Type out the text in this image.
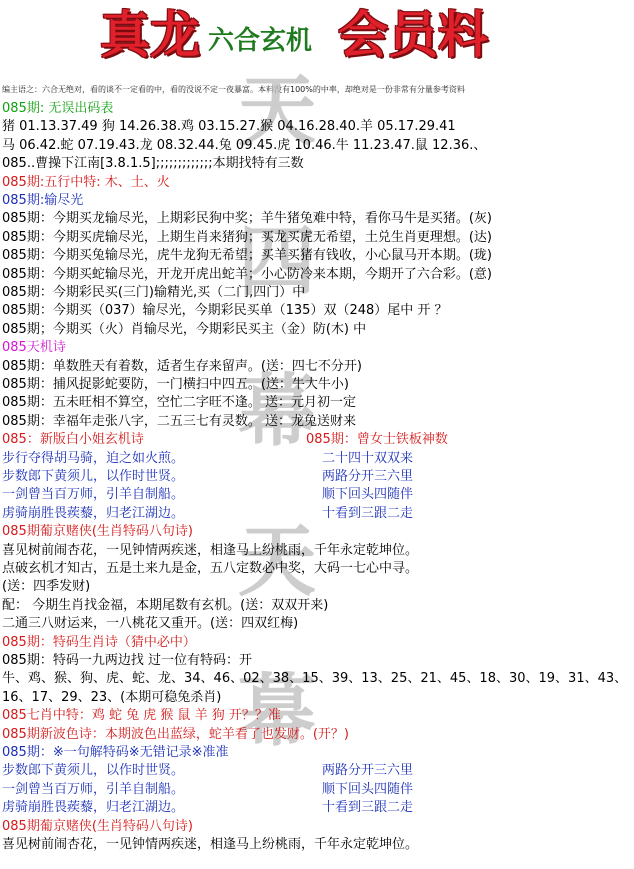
真龙 六合玄机 会员料
编主语之：六合无绝对，看的谈不一定看的中，看的没说不定一夜暴富。本料没有100%的中率，却绝对是一份非常有分量参考资料
天
四
幕
天
幕
085期: 无误出码表
猪 01.13.37.49 狗 14.26.38.鸡 03.15.27.猴 04.16.28.40.羊 05.17.29.41
马 06.42.蛇 07.19.43.龙 08.32.44.兔 09.45.虎 10.46.牛 11.23.47.鼠 12.36.、
085..曹操下江南[3.8.1.5];;;;;;;;;;;;;本期找特有三数
085期:五行中特: 木、土、火
085期:输尽光
085期：今期买龙输尽光，上期彩民狗中奖；羊牛猪兔难中特，看你马牛是买猪。(灰)
085期：今期买虎输尽光，上期生肖来猪狗；买龙买虎无希望，土兑生肖更理想。(达)
085期：今期买兔输尽光，虎牛龙狗无希望；买羊买猪有钱收，小心鼠马开本期。(珑)
085期：今期买蛇输尽光，开龙开虎出蛇羊；小心防冷来本期，今期开了六合彩。(意)
085期：今期彩民买(三门)输精光,买（二门,四门）中
085期：今期买（037）输尽光，今期彩民买单（135）双（248）尾中 开 ？
085期；今期买（火）肖输尽光，今期彩民买主（金）防(木) 中
085天机诗
085期：单数胜天有着数，适者生存来留声。(送：四七不分开)
085期：捕风捉影蛇要防，一门横扫中四五。(送：牛大牛小)
085期：五未旺相不算空，空忙二字旺不逢。 送：元月初一定
085期：幸福年走张八字，二五三七有灵数。 送：龙兔送财来
085：新版白小姐玄机诗	085期：曾女士铁板神数
步行夺得胡马骑，迫之如火煎。	二十四十双双来
步数郎下黄须儿，以作时世贤。	两路分开三六里
一剑曾当百万师，引羊自制船。	顺下回头四随伴
虏骑崩胜畏蒺藜，归老江湖边。	十看到三跟二走
085期葡京赌侠(生肖特码八句诗)
喜见树前闹杏花，一见钟情两疾迷，相逢马上纷桃雨，千年永定乾坤位。
点破玄机才知古，五是土来九是金，五八定数必中奖，大码一七心中寻。
(送：四季发财)
配： 今期生肖找金福，本期尾数有玄机。(送：双双开来)
二通三八财运来，一八桃花又重开。(送：四双红梅)
085期：特码生肖诗（猜中必中）
085期：特码一九两边找 过一位有特码：开
牛、鸡、猴、狗、虎、蛇、龙、34、46、02、38、15、39、13、25、21、45、18、30、19、31、43、
16、17、29、23、(本期可稳兔杀肖)
085七肖中特：鸡 蛇 兔 虎 猴 鼠 羊 狗 开？？准
085期新波色诗：本期波色出蓝绿，蛇羊看了也发财。(开？)
085期：※一句解特码※无错记录※准准
步数郎下黄须儿，以作时世贤。	两路分开三六里
一剑曾当百万师，引羊自制船。	顺下回头四随伴
虏骑崩胜畏蒺藜，归老江湖边。	十看到三跟二走
085期葡京赌侠(生肖特码八句诗)
喜见树前闹杏花，一见钟情两疾迷，相逢马上纷桃雨，千年永定乾坤位。
